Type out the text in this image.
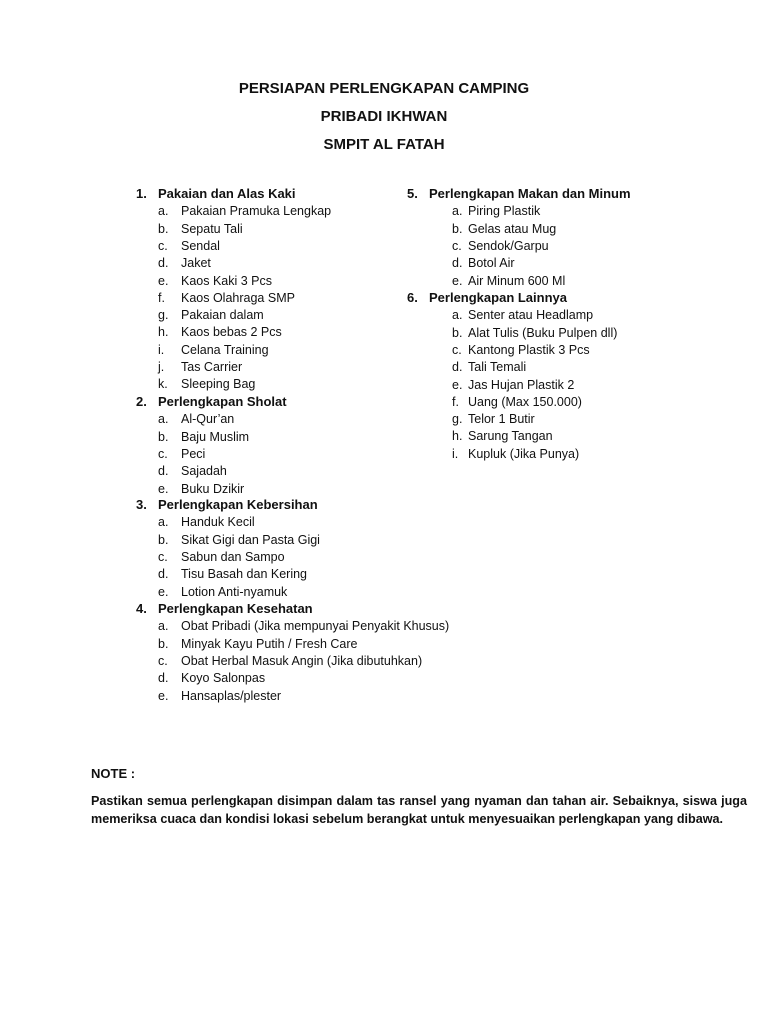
PERSIAPAN PERLENGKAPAN CAMPING
PRIBADI IKHWAN
SMPIT AL FATAH
1. Pakaian dan Alas Kaki
a. Pakaian Pramuka Lengkap
b. Sepatu Tali
c. Sendal
d. Jaket
e. Kaos Kaki 3 Pcs
f. Kaos Olahraga SMP
g. Pakaian dalam
h. Kaos bebas 2 Pcs
i. Celana Training
j. Tas Carrier
k. Sleeping Bag
2. Perlengkapan Sholat
a. Al-Qur’an
b. Baju Muslim
c. Peci
d. Sajadah
e. Buku Dzikir
3. Perlengkapan Kebersihan
a. Handuk Kecil
b. Sikat Gigi dan Pasta Gigi
c. Sabun dan Sampo
d. Tisu Basah dan Kering
e. Lotion Anti-nyamuk
4. Perlengkapan Kesehatan
a. Obat Pribadi (Jika mempunyai Penyakit Khusus)
b. Minyak Kayu Putih / Fresh Care
c. Obat Herbal Masuk Angin (Jika dibutuhkan)
d. Koyo Salonpas
e. Hansaplas/plester
5. Perlengkapan Makan dan Minum
a. Piring Plastik
b. Gelas atau Mug
c. Sendok/Garpu
d. Botol Air
e. Air Minum 600 Ml
6. Perlengkapan Lainnya
a. Senter atau Headlamp
b. Alat Tulis (Buku Pulpen dll)
c. Kantong Plastik 3 Pcs
d. Tali Temali
e. Jas Hujan Plastik 2
f. Uang (Max 150.000)
g. Telor 1 Butir
h. Sarung Tangan
i. Kupluk (Jika Punya)
NOTE :
Pastikan semua perlengkapan disimpan dalam tas ransel yang nyaman dan tahan air. Sebaiknya, siswa juga memeriksa cuaca dan kondisi lokasi sebelum berangkat untuk menyesuaikan perlengkapan yang dibawa.
